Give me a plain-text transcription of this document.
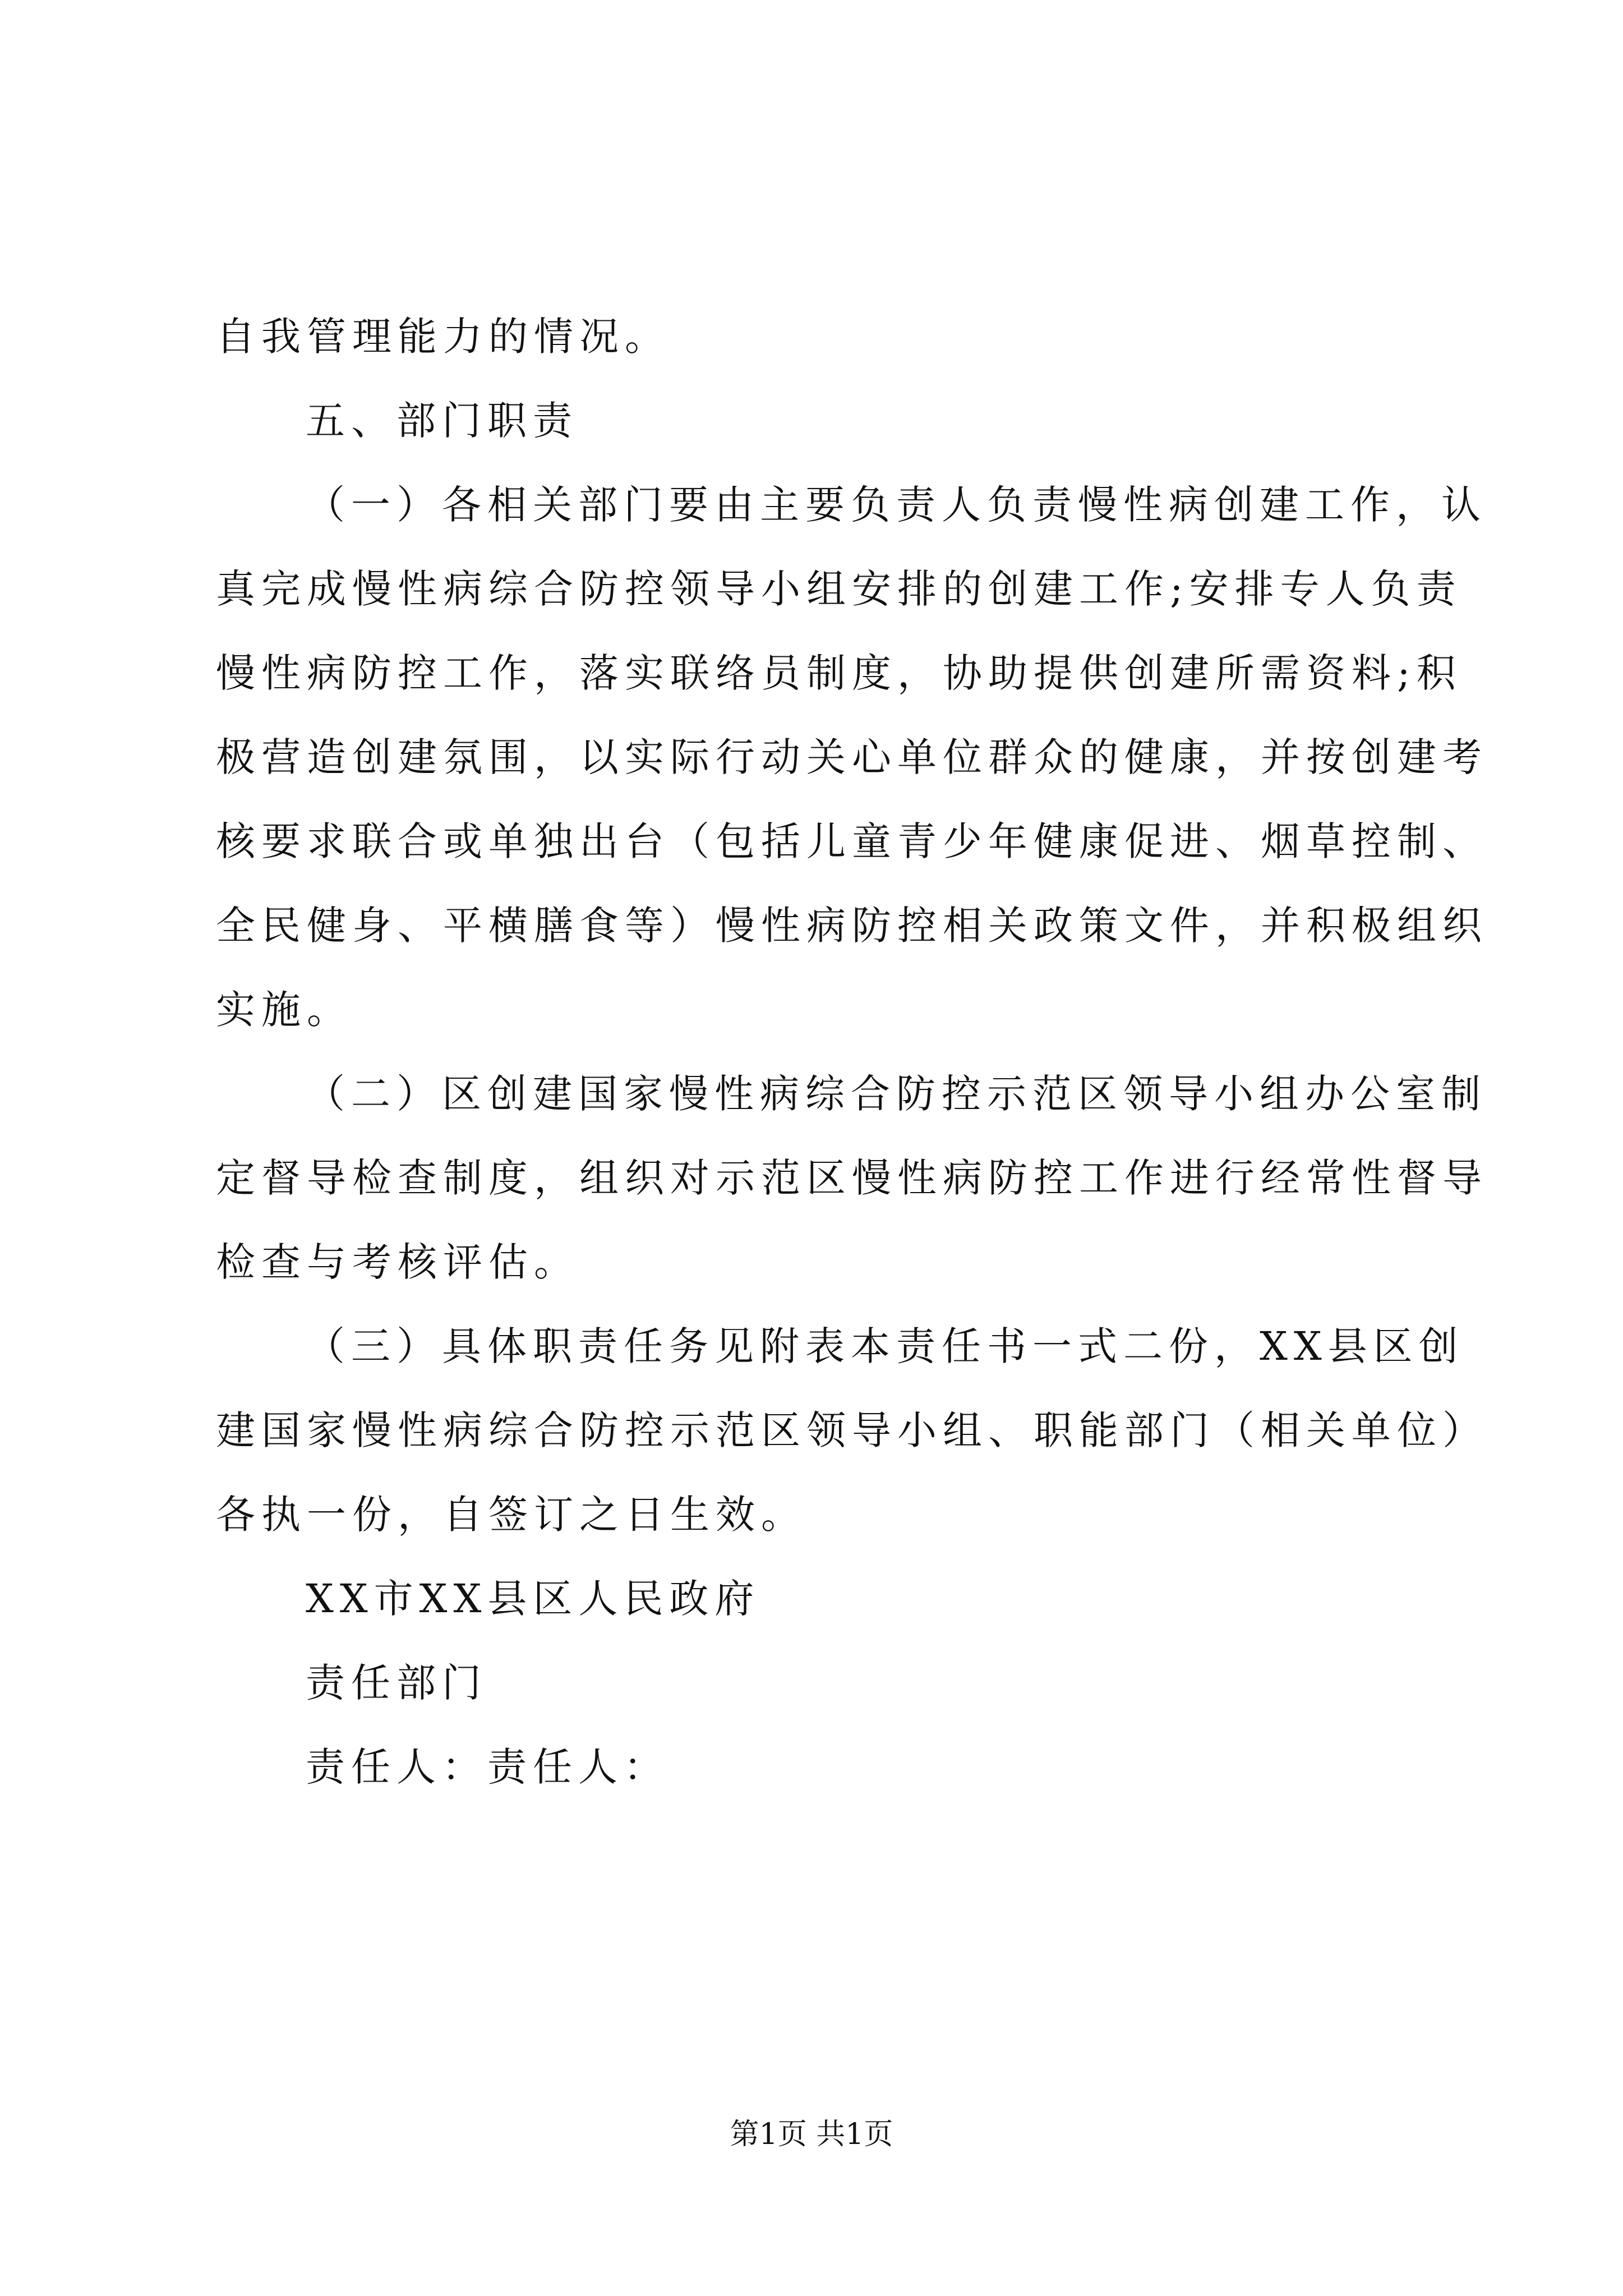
自我管理能力的情况。
五、部门职责
（一）各相关部门要由主要负责人负责慢性病创建工作，认
真完成慢性病综合防控领导小组安排的创建工作;安排专人负责
慢性病防控工作，落实联络员制度，协助提供创建所需资料;积
极营造创建氛围，以实际行动关心单位群众的健康，并按创建考
核要求联合或单独出台（包括儿童青少年健康促进、烟草控制、
全民健身、平横膳食等）慢性病防控相关政策文件，并积极组织
实施。
（二）区创建国家慢性病综合防控示范区领导小组办公室制
定督导检查制度，组织对示范区慢性病防控工作进行经常性督导
检查与考核评估。
（三）具体职责任务见附表本责任书一式二份，XX县区创
建国家慢性病综合防控示范区领导小组、职能部门（相关单位）
各执一份，自签订之日生效。
XX市XX县区人民政府
责任部门
责任人：责任人：
第1页 共1页
